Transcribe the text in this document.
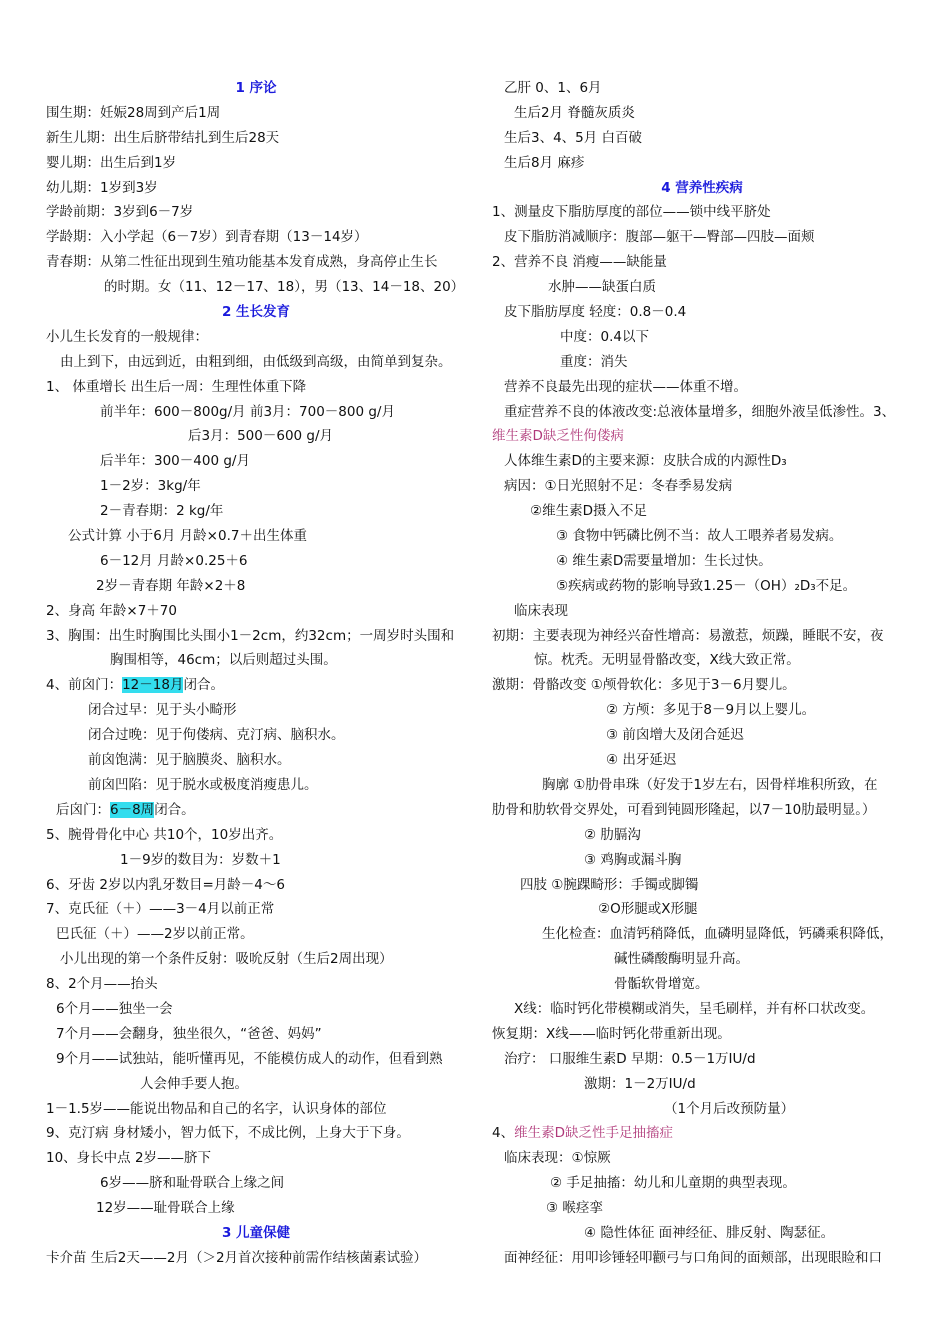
1 序论
围生期：妊娠28周到产后1周
新生儿期：出生后脐带结扎到生后28天
婴儿期：出生后到1岁
幼儿期：1岁到3岁
学龄前期：3岁到6－7岁
学龄期：入小学起（6－7岁）到青春期（13－14岁）
青春期：从第二性征出现到生殖功能基本发育成熟，身高停止生长
的时期。女（11、12－17、18），男（13、14－18、20）
2 生长发育
小儿生长发育的一般规律：
由上到下，由远到近，由粗到细，由低级到高级，由简单到复杂。
1、 体重增长 出生后一周：生理性体重下降
前半年：600－800g/月 前3月：700－800 g/月
后3月：500－600 g/月
后半年：300－400 g/月
1－2岁：3kg/年
2－青春期：2 kg/年
公式计算 小于6月 月龄×0.7＋出生体重
6－12月 月龄×0.25＋6
2岁－青春期 年龄×2＋8
2、身高 年龄×7＋70
3、胸围：出生时胸围比头围小1－2cm，约32cm；一周岁时头围和
胸围相等，46cm；以后则超过头围。
4、前囟门：12－18月闭合。
闭合过早：见于头小畸形
闭合过晚：见于佝偻病、克汀病、脑积水。
前囟饱满：见于脑膜炎、脑积水。
前囟凹陷：见于脱水或极度消瘦患儿。
后囟门：6－8周闭合。
5、腕骨骨化中心 共10个，10岁出齐。
1－9岁的数目为：岁数＋1
6、牙齿 2岁以内乳牙数目=月龄－4～6
7、克氏征（＋）——3－4月以前正常
巴氏征（＋）——2岁以前正常。
小儿出现的第一个条件反射：吸吮反射（生后2周出现）
8、2个月——抬头
6个月——独坐一会
7个月——会翻身，独坐很久，“爸爸、妈妈”
9个月——试独站，能听懂再见，不能模仿成人的动作，但看到熟
人会伸手要人抱。
1－1.5岁——能说出物品和自己的名字，认识身体的部位
9、克汀病 身材矮小，智力低下，不成比例，上身大于下身。
10、身长中点 2岁——脐下
6岁——脐和耻骨联合上缘之间
12岁——耻骨联合上缘
3 儿童保健
卡介苗 生后2天——2月（＞2月首次接种前需作结核菌素试验）
乙肝 0、1、6月
生后2月 脊髓灰质炎
生后3、4、5月 白百破
生后8月 麻疹
4 营养性疾病
1、测量皮下脂肪厚度的部位——锁中线平脐处
皮下脂肪消减顺序：腹部—躯干—臀部—四肢—面颊
2、营养不良 消瘦——缺能量
水肿——缺蛋白质
皮下脂肪厚度 轻度：0.8－0.4
中度：0.4以下
重度：消失
营养不良最先出现的症状——体重不增。
重症营养不良的体液改变:总液体量增多，细胞外液呈低渗性。3、
维生素D缺乏性佝偻病
人体维生素D的主要来源：皮肤合成的内源性D₃
病因：①日光照射不足：冬春季易发病
②维生素D摄入不足
③ 食物中钙磷比例不当：故人工喂养者易发病。
④ 维生素D需要量增加：生长过快。
⑤疾病或药物的影响导致1.25－（OH）₂D₃不足。
临床表现
初期：主要表现为神经兴奋性增高：易激惹，烦躁，睡眠不安，夜
惊。枕秃。无明显骨骼改变，X线大致正常。
激期：骨骼改变 ①颅骨软化：多见于3－6月婴儿。
② 方颅：多见于8－9月以上婴儿。
③ 前囟增大及闭合延迟
④ 出牙延迟
胸廓 ①肋骨串珠（好发于1岁左右，因骨样堆积所致，在
肋骨和肋软骨交界处，可看到钝圆形隆起，以7－10肋最明显。）
② 肋膈沟
③ 鸡胸或漏斗胸
四肢 ①腕踝畸形：手镯或脚镯
②O形腿或X形腿
生化检查：血清钙稍降低，血磷明显降低，钙磷乘积降低，
碱性磷酸酶明显升高。
骨骺软骨增宽。
X线：临时钙化带模糊或消失，呈毛刷样，并有杯口状改变。
恢复期：X线——临时钙化带重新出现。
治疗： 口服维生素D 早期：0.5－1万IU/d
激期：1－2万IU/d
（1个月后改预防量）
4、维生素D缺乏性手足抽搐症
临床表现：①惊厥
② 手足抽搐：幼儿和儿童期的典型表现。
③ 喉痉挛
④ 隐性体征 面神经征、腓反射、陶瑟征。
面神经征：用叩诊锤轻叩颧弓与口角间的面颊部，出现眼睑和口
